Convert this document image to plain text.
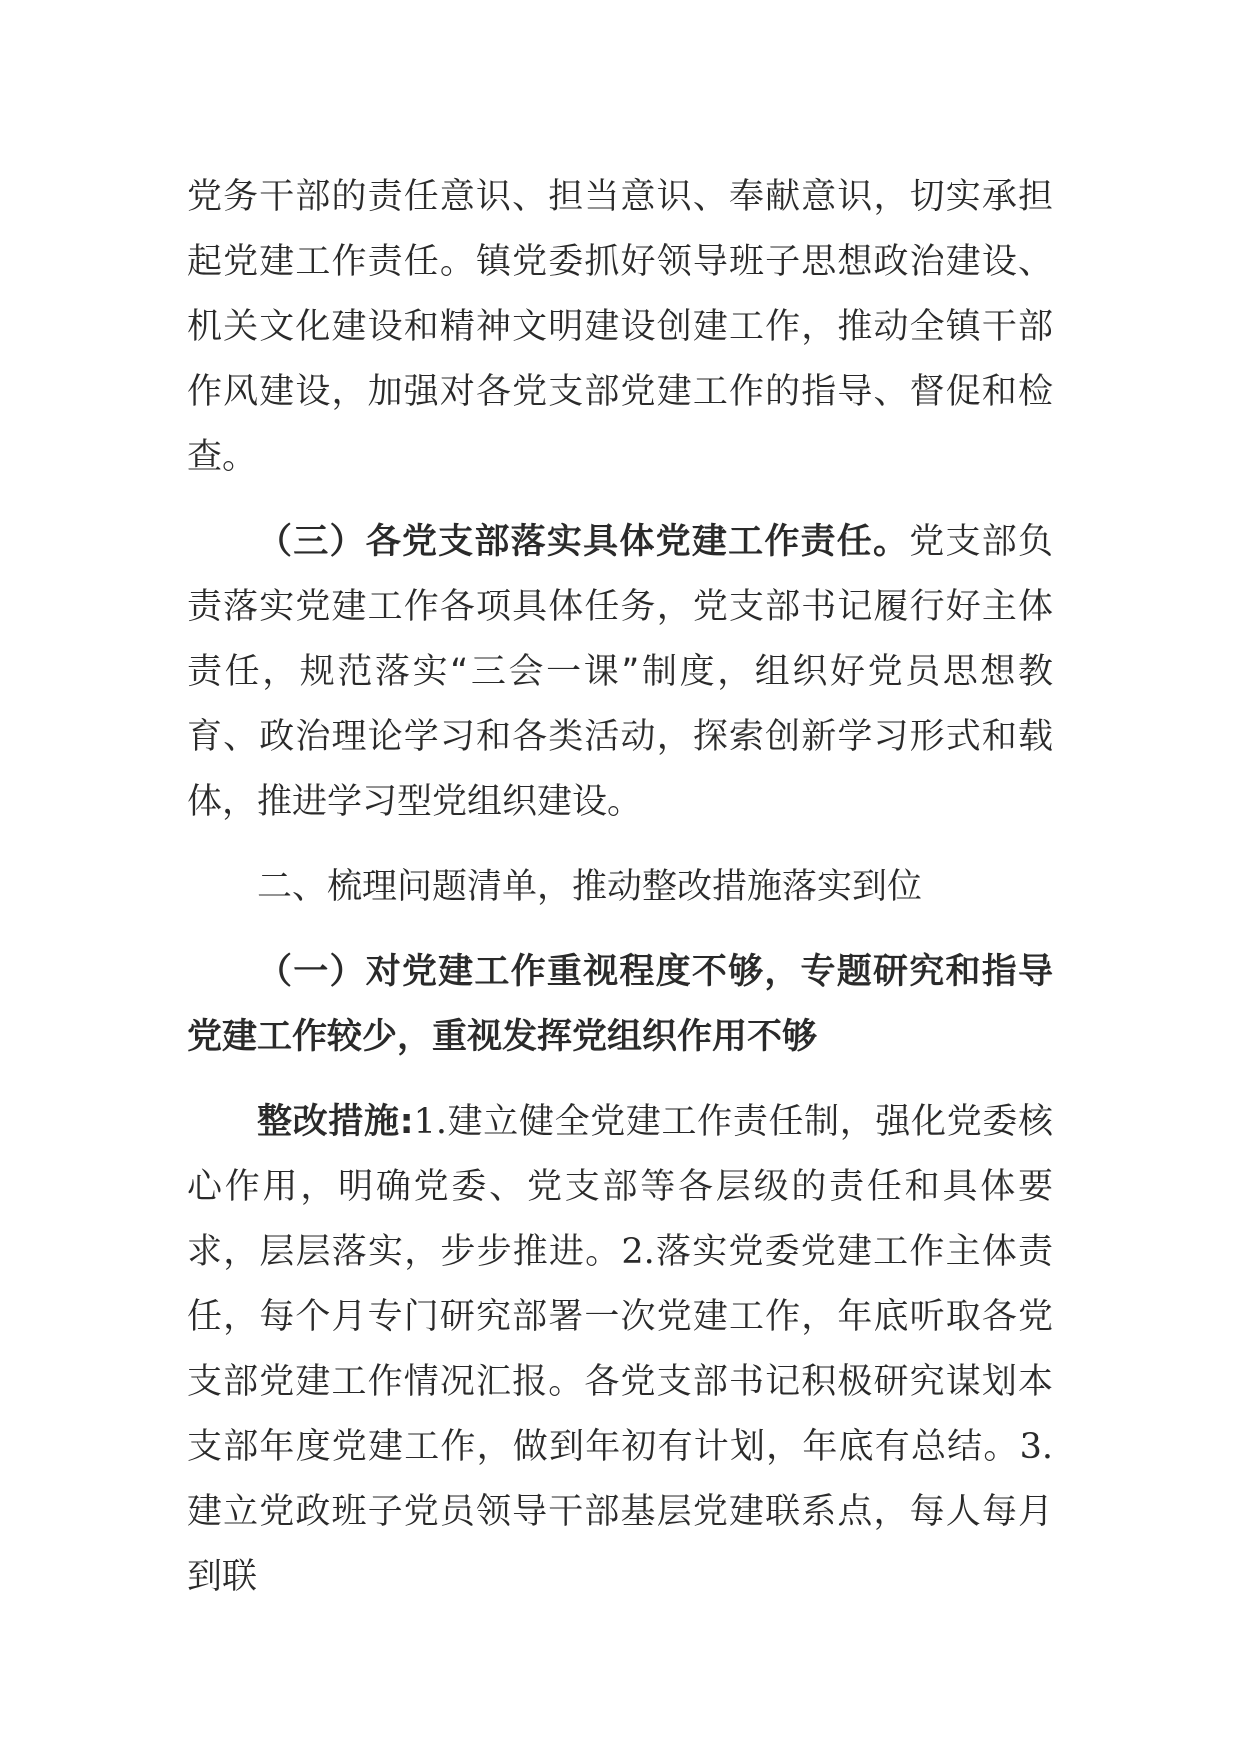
党务干部的责任意识、担当意识、奉献意识，切实承担起党建工作责任。镇党委抓好领导班子思想政治建设、机关文化建设和精神文明建设创建工作，推动全镇干部作风建设，加强对各党支部党建工作的指导、督促和检查。

（三）各党支部落实具体党建工作责任。党支部负责落实党建工作各项具体任务，党支部书记履行好主体责任，规范落实“三会一课”制度，组织好党员思想教育、政治理论学习和各类活动，探索创新学习形式和载体，推进学习型党组织建设。

二、梳理问题清单，推动整改措施落实到位

（一）对党建工作重视程度不够，专题研究和指导党建工作较少，重视发挥党组织作用不够

整改措施:1.建立健全党建工作责任制，强化党委核心作用，明确党委、党支部等各层级的责任和具体要求，层层落实，步步推进。2.落实党委党建工作主体责任，每个月专门研究部署一次党建工作，年底听取各党支部党建工作情况汇报。各党支部书记积极研究谋划本支部年度党建工作，做到年初有计划，年底有总结。3.建立党政班子党员领导干部基层党建联系点，每人每月到联
